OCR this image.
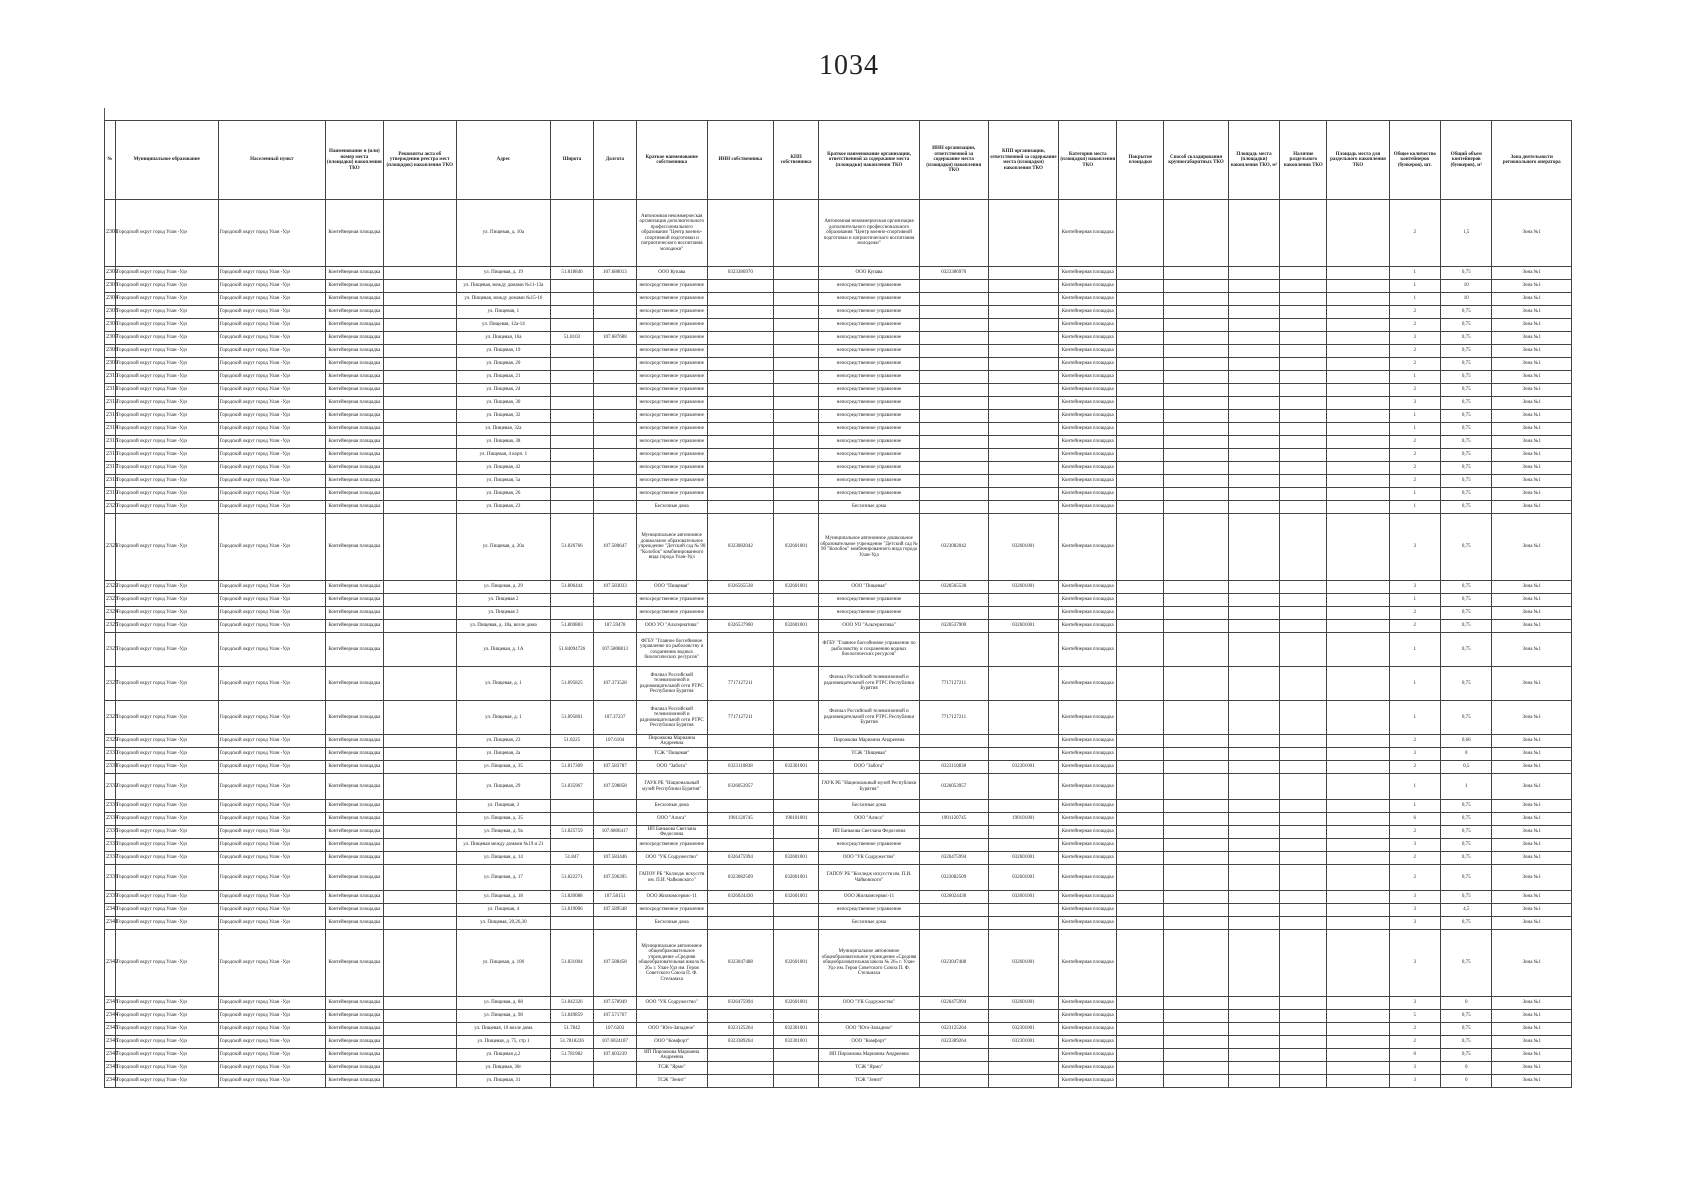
1034
№	Муниципальное образование	Населенный пункт	Наименование и (или) номер места (площадки) накопления ТКО	Реквизиты акта об утверждении реестра мест (площадок) накопления ТКО	Адрес	Широта	Долгота	Краткое наименование собственника	ИНН собственника	КПП собственника	Краткое наименование организации, ответственной за содержание места (площадки) накопления ТКО	ИНН организации, ответственной за содержание места (площадки) накопления ТКО	КПП организации, ответственной за содержание места (площадки) накопления ТКО	Категория места (площадки) накопления ТКО	Покрытие площадки	Способ складирования крупногабаритных ТКО	Площадь места (площадки) накопления ТКО, м²	Наличие раздельного накопления ТКО	Площадь места для раздельного накопления ТКО	Общее количество контейнеров (бункеров), шт.	Общий объем контейнеров (бункеров), м³	Зона деятельности регионального оператора
2301	Городской округ город Улан -Удэ	Городской округ город Улан -Удэ	Контейнерная площадка		ул. Пищевая, д. 10а			Автономная некоммерческая организация дополнительного профессионального образования "Центр военно-спортивной подготовки и патриотического воспитания молодежи"			Автономная некоммерческая организация дополнительного профессионального образования "Центр военно-спортивной подготовки и патриотического воспитания молодежи"			Контейнерная площадка						2	1,5	Зона №1
2302	Городской округ город Улан -Удэ	Городской округ город Улан -Удэ	Контейнерная площадка		ул. Пищевая, д. 19	51.818846	107.680013	ООО Купава	0323386970		ООО Купава	0323386970		Контейнерная площадка						1	0,75	Зона №1
2303	Городской округ город Улан -Удэ	Городской округ город Улан -Удэ	Контейнерная площадка		ул. Пищевая, между домами №11-13а			непосредственное управление			непосредственное управление			Контейнерная площадка						1	10	Зона №1
2304	Городской округ город Улан -Удэ	Городской округ город Улан -Удэ	Контейнерная площадка		ул. Пищевая, между домами №15-16			непосредственное управление			непосредственное управление			Контейнерная площадка						1	10	Зона №1
2305	Городской округ город Улан -Удэ	Городской округ город Улан -Удэ	Контейнерная площадка		ул. Пищевая, 1			непосредственное управление			непосредственное управление			Контейнерная площадка						2	0,75	Зона №1
2306	Городской округ город Улан -Удэ	Городской округ город Улан -Удэ	Контейнерная площадка		ул. Пищевая, 12а-14			непосредственное управление			непосредственное управление			Контейнерная площадка						2	0,75	Зона №1
2307	Городской округ город Улан -Удэ	Городской округ город Улан -Удэ	Контейнерная площадка		ул. Пищевая, 16а	51.8103	107.687688	непосредственное управление			непосредственное управление			Контейнерная площадка						3	0,75	Зона №1
2308	Городской округ город Улан -Удэ	Городской округ город Улан -Удэ	Контейнерная площадка		ул. Пищевая, 19			непосредственное управление			непосредственное управление			Контейнерная площадка						2	0,75	Зона №1
2309	Городской округ город Улан -Удэ	Городской округ город Улан -Удэ	Контейнерная площадка		ул. Пищевая, 20			непосредственное управление			непосредственное управление			Контейнерная площадка						2	0,75	Зона №1
2310	Городской округ город Улан -Удэ	Городской округ город Улан -Удэ	Контейнерная площадка		ул. Пищевая, 21			непосредственное управление			непосредственное управление			Контейнерная площадка						1	0,75	Зона №1
2311	Городской округ город Улан -Удэ	Городской округ город Улан -Удэ	Контейнерная площадка		ул. Пищевая, 24			непосредственное управление			непосредственное управление			Контейнерная площадка						2	0,75	Зона №1
2312	Городской округ город Улан -Удэ	Городской округ город Улан -Удэ	Контейнерная площадка		ул. Пищевая, 30			непосредственное управление			непосредственное управление			Контейнерная площадка						3	0,75	Зона №1
2313	Городской округ город Улан -Удэ	Городской округ город Улан -Удэ	Контейнерная площадка		ул. Пищевая, 32			непосредственное управление			непосредственное управление			Контейнерная площадка						1	0,75	Зона №1
2314	Городской округ город Улан -Удэ	Городской округ город Улан -Удэ	Контейнерная площадка		ул. Пищевая, 32а			непосредственное управление			непосредственное управление			Контейнерная площадка						1	0,75	Зона №1
2315	Городской округ город Улан -Удэ	Городской округ город Улан -Удэ	Контейнерная площадка		ул. Пищевая, 38			непосредственное управление			непосредственное управление			Контейнерная площадка						2	0,75	Зона №1
2316	Городской округ город Улан -Удэ	Городской округ город Улан -Удэ	Контейнерная площадка		ул. Пищевая, 4 корп. 1			непосредственное управление			непосредственное управление			Контейнерная площадка						2	0,75	Зона №1
2317	Городской округ город Улан -Удэ	Городской округ город Улан -Удэ	Контейнерная площадка		ул. Пищевая, 42			непосредственное управление			непосредственное управление			Контейнерная площадка						2	0,75	Зона №1
2318	Городской округ город Улан -Удэ	Городской округ город Улан -Удэ	Контейнерная площадка		ул. Пищевая, 5а			непосредственное управление			непосредственное управление			Контейнерная площадка						2	0,75	Зона №1
2319	Городской округ город Улан -Удэ	Городской округ город Улан -Удэ	Контейнерная площадка		ул. Пищевая, 26			непосредственное управление			непосредственное управление			Контейнерная площадка						1	0,75	Зона №1
2320	Городской округ город Улан -Удэ	Городской округ город Улан -Удэ	Контейнерная площадка		ул. Пищевая, 23			Бесхозные дома			Бесхозные дома			Контейнерная площадка						1	0,75	Зона №1
2321	Городской округ город Улан -Удэ	Городской округ город Улан -Удэ	Контейнерная площадка		ул. Пищевая, д. 20а	51.826766	107.580647	Муниципальное автономное дошкольное образовательное учреждение "Детский сад № 90 "Колобок" комбинированного вида города Улан-Удэ	0323082042	032601001	Муниципальное автономное дошкольное образовательное учреждение "Детский сад № 90 "Колобок" комбинированного вида города Улан-Удэ	0323082042	032601001	Контейнерная площадка						3	0,75	Зона №1
2322	Городской округ город Улан -Удэ	Городской округ город Улан -Удэ	Контейнерная площадка		ул. Пищевая, д. 29	51.806444	107.583033	ООО "Пищевая"	0326565538	032601001	ООО "Пищевая"	0326565538	032601001	Контейнерная площадка						3	0,75	Зона №1
2323	Городской округ город Улан -Удэ	Городской округ город Улан -Удэ	Контейнерная площадка		ул. Пищевая 2			непосредственное управление			непосредственное управление			Контейнерная площадка						1	0,75	Зона №1
2324	Городской округ город Улан -Удэ	Городской округ город Улан -Удэ	Контейнерная площадка		ул. Пищевая 3			непосредственное управление			непосредственное управление			Контейнерная площадка						2	0,75	Зона №1
2325	Городской округ город Улан -Удэ	Городской округ город Улан -Удэ	Контейнерная площадка		ул. Пищевая, д. 18а, возле дома	51.869883	107.59478	ООО УО "Альтернатива"	0326537900	032601001	ООО УО "Альтернатива"	0326537900	032601001	Контейнерная площадка						2	0,75	Зона №1
2326	Городской округ город Улан -Удэ	Городской округ город Улан -Удэ	Контейнерная площадка		ул. Пищевая, д. 1А	51.84094726	107.5808813	ФГБУ "Главное бассейновое управление по рыболовству и сохранению водных биологических ресурсов"			ФГБУ "Главное бассейновое управление по рыболовству и сохранению водных биологических ресурсов"			Контейнерная площадка						1	0,75	Зона №1
2327	Городской округ город Улан -Удэ	Городской округ город Улан -Удэ	Контейнерная площадка		ул. Пищевая, д. 1	51.895825	107.373528	Филиал Российской телевизионной и радиовещательной сети РТРС Республики Бурятия	7717127211		Филиал Российской телевизионной и радиовещательной сети РТРС Республики Бурятия	7717127211		Контейнерная площадка						1	0,75	Зона №1
2328	Городской округ город Улан -Удэ	Городской округ город Улан -Удэ	Контейнерная площадка		ул. Пищевая, д. 1	51.895801	107.37237	Филиал Российской телевизионной и радиовещательной сети РТРС Республики Бурятия	7717127211		Филиал Российской телевизионной и радиовещательной сети РТРС Республики Бурятия	7717127211		Контейнерная площадка						1	0,75	Зона №1
2329	Городской округ город Улан -Удэ	Городской округ город Улан -Удэ	Контейнерная площадка		ул. Пищевая, 23	51.8225	107.6104	Пирожкова Марианна Андреевна			Пирожкова Марианна Андреевна			Контейнерная площадка						2	0,66	Зона №1
2330	Городской округ город Улан -Удэ	Городской округ город Улан -Удэ	Контейнерная площадка		ул. Пищевая, 2а			ТСЖ "Пищевая"			ТСЖ "Пищевая"			Контейнерная площадка						3	0	Зона №1
2331	Городской округ город Улан -Удэ	Городской округ город Улан -Удэ	Контейнерная площадка		ул. Пищевая, д. 35	51.817309	107.583787	ООО "Забота"	0323110838	032301001	ООО "Забота"	0323110838	032301001	Контейнерная площадка						2	0,5	Зона №1
2332	Городской округ город Улан -Удэ	Городской округ город Улан -Удэ	Контейнерная площадка		ул. Пищевая, 29	51.835967	107.598858	ГАУК РБ "Национальный музей Республики Бурятия"	0326053957		ГАУК РБ "Национальный музей Республики Бурятия"	0326053957		Контейнерная площадка						1	1	Зона №1
2333	Городской округ город Улан -Удэ	Городской округ город Улан -Удэ	Контейнерная площадка		ул. Пищевая, 3			Бесхозные дома			Бесхозные дома			Контейнерная площадка						1	0,75	Зона №1
2334	Городской округ город Улан -Удэ	Городской округ город Улан -Удэ	Контейнерная площадка		ул. Пищевая, д. 35			ООО "Алиса"	1901120745	190101001	ООО "Алиса"	1901120745	190101001	Контейнерная площадка						6	0,75	Зона №1
2335	Городской округ город Улан -Удэ	Городской округ город Улан -Удэ	Контейнерная площадка		ул. Пищевая, д. 9а	51.825759	107.6806417	ИП Банькова Светлана Федосовна			ИП Банькова Светлана Федосовна			Контейнерная площадка						2	0,75	Зона №1
2336	Городской округ город Улан -Удэ	Городской округ город Улан -Удэ	Контейнерная площадка		ул. Пищевая между домами №19 и 21			непосредственное управление			непосредственное управление			Контейнерная площадка						3	0,75	Зона №1
2337	Городской округ город Улан -Удэ	Городской округ город Улан -Удэ	Контейнерная площадка		ул. Пищевая, д. 14	51.847	107.583446	ООО "УК Содружество"	0326475994	032601001	ООО "УК Содружество"	0326475994	032601001	Контейнерная площадка						2	0,75	Зона №1
2338	Городской округ город Улан -Удэ	Городской округ город Улан -Удэ	Контейнерная площадка		ул. Пищевая, д. 17	51.822271	107.596395	ГАПОУ РБ "Колледж искусств им. П.И. Чайковского"	0323082509	032601001	ГАПОУ РБ "Колледж искусств им. П.И. Чайковского"	0323082509	032601001	Контейнерная площадка						2	0,75	Зона №1
2339	Городской округ город Улан -Удэ	Городской округ город Улан -Удэ	Контейнерная площадка		ул. Пищевая, д. 18	51.820088	107.58151	ООО Жилкомсервис-11	0326024430	032601001	ООО Жилкомсервис-11	0326024430	032601001	Контейнерная площадка						3	0,75	Зона №1
2340	Городской округ город Улан -Удэ	Городской округ город Улан -Удэ	Контейнерная площадка		ул. Пищевая, 4	51.819006	107.589548	непосредственное управление			непосредственное управление			Контейнерная площадка						3	4,5	Зона №1
2341	Городской округ город Улан -Удэ	Городской округ город Улан -Удэ	Контейнерная площадка		ул. Пищевая, 20,26,30			Бесхозные дома			Бесхозные дома			Контейнерная площадка						3	0,75	Зона №1
2342	Городской округ город Улан -Удэ	Городской округ город Улан -Удэ	Контейнерная площадка		ул. Пищевая, д. 106	51.831004	107.588458	Муниципальное автономное общеобразовательное учреждение «Средняя общеобразовательная школа № 26» г. Улан-Удэ им. Героя Советского Союза П. Ф. Стельмаха	0323047488	032601001	Муниципальное автономное общеобразовательное учреждение «Средняя общеобразовательная школа № 26» г. Улан-Удэ им. Героя Советского Союза П. Ф. Стельмаха	0323047488	032601001	Контейнерная площадка						3	0,75	Зона №1
2343	Городской округ город Улан -Удэ	Городской округ город Улан -Удэ	Контейнерная площадка		ул. Пищевая, д. 88	51.842326	107.578949	ООО "УК Содружество"	0326475994	032601001	ООО "УК Содружество"	0326475994	032601001	Контейнерная площадка						3	0	Зона №1
2344	Городской округ город Улан -Удэ	Городской округ город Улан -Удэ	Контейнерная площадка		ул. Пищевая, д. 98	51.849859	107.571767							Контейнерная площадка						5	0,75	Зона №1
2345	Городской округ город Улан -Удэ	Городской округ город Улан -Удэ	Контейнерная площадка		ул. Пищевая, 10 возле дома	51.7842	107.6203	ООО "Юго-Западное"	0323125264	032301001	ООО "Юго-Западное"	0323125264	032301001	Контейнерная площадка						2	0,75	Зона №1
2346	Городской округ город Улан -Удэ	Городской округ город Улан -Удэ	Контейнерная площадка		ул. Пищевая, д. 75, стр 1	51.7818226	107.6024187	ООО "Комфорт"	0323389264	032301001	ООО "Комфорт"	0323389264	032301001	Контейнерная площадка						2	0,75	Зона №1
2347	Городской округ город Улан -Удэ	Городской округ город Улан -Удэ	Контейнерная площадка		ул. Пищевая д.2	51.781982	107.603239	ИП Пирожкова Марианна Андреевна			ИП Пирожкова Марианна Андреевна			Контейнерная площадка						0	0,75	Зона №1
2348	Городской округ город Улан -Удэ	Городской округ город Улан -Удэ	Контейнерная площадка		ул. Пищевая, 30г			ТСЖ "Ярмо"			ТСЖ "Ярмо"			Контейнерная площадка						3	0	Зона №1
2349	Городской округ город Улан -Удэ	Городской округ город Улан -Удэ	Контейнерная площадка		ул. Пищевая, 31			ТСЖ "Зенит"			ТСЖ "Зенит"			Контейнерная площадка						3	0	Зона №1
